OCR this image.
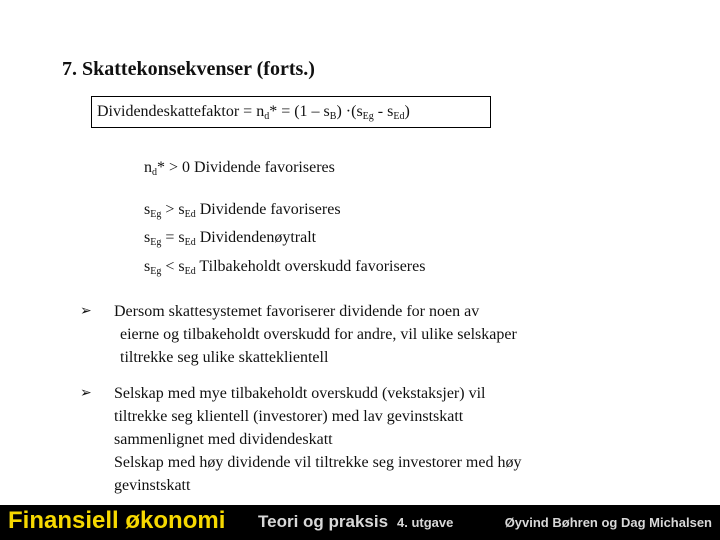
7. Skattekonsekvenser (forts.)
Dividendeskattefaktor = $n_d* = (1 - s_B) \cdot(s_{Eg} - s_{Ed})$
$n_d* > 0$ Dividende favoriseres
$s_{Eg} > s_{Ed}$ Dividende favoriseres
$s_{Eg} = s_{Ed}$ Dividendenøytralt
$s_{Eg} < s_{Ed}$ Tilbakeholdt overskudd favoriseres
➢ Dersom skattesystemet favoriserer dividende for noen av
eierne og tilbakeholdt overskudd for andre, vil ulike selskaper
tiltrekke seg ulike skatteklientell
➢ Selskap med mye tilbakeholdt overskudd (vekstaksjer) vil
tiltrekke seg klientell (investorer) med lav gevinstskatt
sammenlignet med dividendeskatt
Selskap med høy dividende vil tiltrekke seg investorer med høy
gevinstskatt
Finansiell økonomi Teori og praksis 4. utgave	Øyvind Bøhren og Dag Michalsen
